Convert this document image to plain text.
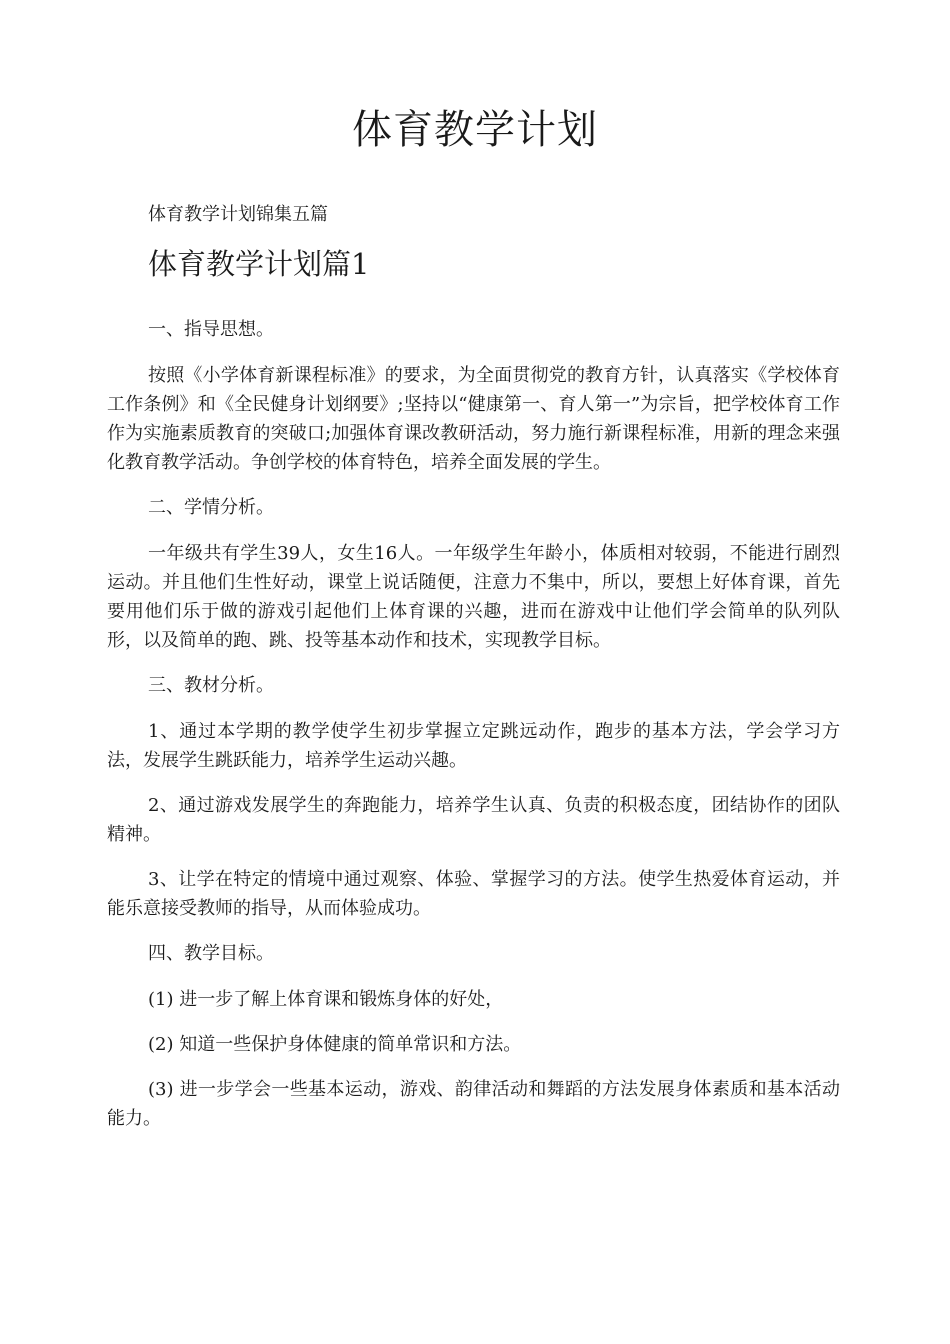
体育教学计划

体育教学计划锦集五篇

体育教学计划篇1

一、指导思想。

按照《小学体育新课程标准》的要求，为全面贯彻党的教育方针，认真落实《学校体育工作条例》和《全民健身计划纲要》;坚持以“健康第一、育人第一”为宗旨，把学校体育工作作为实施素质教育的突破口;加强体育课改教研活动，努力施行新课程标准，用新的理念来强化教育教学活动。争创学校的体育特色，培养全面发展的学生。

二、学情分析。

一年级共有学生39人，女生16人。一年级学生年龄小，体质相对较弱，不能进行剧烈运动。并且他们生性好动，课堂上说话随便，注意力不集中，所以，要想上好体育课，首先要用他们乐于做的游戏引起他们上体育课的兴趣，进而在游戏中让他们学会简单的队列队形，以及简单的跑、跳、投等基本动作和技术，实现教学目标。

三、教材分析。

1、通过本学期的教学使学生初步掌握立定跳远动作，跑步的基本方法，学会学习方法，发展学生跳跃能力，培养学生运动兴趣。

2、通过游戏发展学生的奔跑能力，培养学生认真、负责的积极态度，团结协作的团队精神。

3、让学在特定的情境中通过观察、体验、掌握学习的方法。使学生热爱体育运动，并能乐意接受教师的指导，从而体验成功。

四、教学目标。

(1) 进一步了解上体育课和锻炼身体的好处，

(2) 知道一些保护身体健康的简单常识和方法。

(3) 进一步学会一些基本运动，游戏、韵律活动和舞蹈的方法发展身体素质和基本活动能力。
